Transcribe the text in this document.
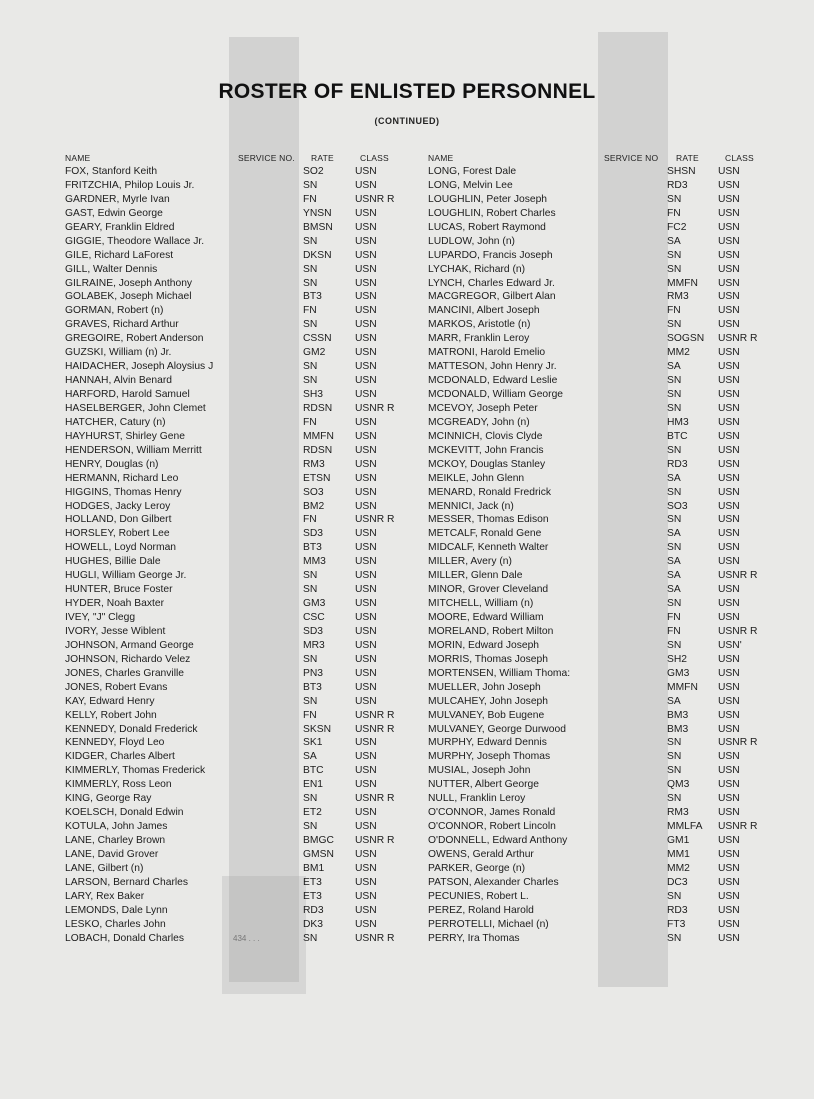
ROSTER OF ENLISTED PERSONNEL
(CONTINUED)
NAME	SERVICE NO. RATE	CLASS	NAME	SERVICE NO RATE	CLASS
FOX, Stanford Keith	SO2	USN
FRITZCHIA, Philop Louis Jr.	SN	USN
GARDNER, Myrle Ivan	FN	USNR R
GAST, Edwin George	YNSN	USN
GEARY, Franklin Eldred	BMSN	USN
GIGGIE, Theodore Wallace Jr.	SN	USN
GILE, Richard LaForest	DKSN	USN
GILL, Walter Dennis	SN	USN
GILRAINE, Joseph Anthony	SN	USN
GOLABEK, Joseph Michael	BT3	USN
GORMAN, Robert (n)	FN	USN
GRAVES, Richard Arthur	SN	USN
GREGOIRE, Robert Anderson	CSSN	USN
GUZSKI, William (n) Jr.	GM2	USN
HAIDACHER, Joseph Aloysius J	SN	USN
HANNAH, Alvin Benard	SN	USN
HARFORD, Harold Samuel	SH3	USN
HASELBERGER, John Clemet	RDSN	USNR R
HATCHER, Catury (n)	FN	USN
HAYHURST, Shirley Gene	MMFN	USN
HENDERSON, William Merritt	RDSN	USN
HENRY, Douglas (n)	RM3	USN
HERMANN, Richard Leo	ETSN	USN
HIGGINS, Thomas Henry	SO3	USN
HODGES, Jacky Leroy	BM2	USN
HOLLAND, Don Gilbert	FN	USNR R
HORSLEY, Robert Lee	SD3	USN
HOWELL, Loyd Norman	BT3	USN
HUGHES, Billie Dale	MM3	USN
HUGLI, William George Jr.	SN	USN
HUNTER, Bruce Foster	SN	USN
HYDER, Noah Baxter	GM3	USN
IVEY, "J" Clegg	CSC	USN
IVORY, Jesse Wiblent	SD3	USN
JOHNSON, Armand George	MR3	USN
JOHNSON, Richardo Velez	SN	USN
JONES, Charles Granville	PN3	USN
JONES, Robert Evans	BT3	USN
KAY, Edward Henry	SN	USN
KELLY, Robert John	FN	USNR R
KENNEDY, Donald Frederick	SKSN	USNR R
KENNEDY, Floyd Leo	SK1	USN
KIDGER, Charles Albert	SA	USN
KIMMERLY, Thomas Frederick	BTC	USN
KIMMERLY, Ross Leon	EN1	USN
KING, George Ray	SN	USNR R
KOELSCH, Donald Edwin	ET2	USN
KOTULA, John James	SN	USN
LANE, Charley Brown	BMGC	USNR R
LANE, David Grover	GMSN	USN
LANE, Gilbert (n)	BM1	USN
LARSON, Bernard Charles	ET3	USN
LARY, Rex Baker	ET3	USN
LEMONDS, Dale Lynn	RD3	USN
LESKO, Charles John	DK3	USN
LOBACH, Donald Charles	434 . . .	SN	USNR R
LONG, Forest Dale	SHSN	USN
LONG, Melvin Lee	RD3	USN
LOUGHLIN, Peter Joseph	SN	USN
LOUGHLIN, Robert Charles	FN	USN
LUCAS, Robert Raymond	FC2	USN
LUDLOW, John (n)	SA	USN
LUPARDO, Francis Joseph	SN	USN
LYCHAK, Richard (n)	SN	USN
LYNCH, Charles Edward Jr.	MMFN	USN
MACGREGOR, Gilbert Alan	RM3	USN
MANCINI, Albert Joseph	FN	USN
MARKOS, Aristotle (n)	SN	USN
MARR, Franklin Leroy	SOGSN	USNR R
MATRONI, Harold Emelio	MM2	USN
MATTESON, John Henry Jr.	SA	USN
MCDONALD, Edward Leslie	SN	USN
MCDONALD, William George	SN	USN
MCEVOY, Joseph Peter	SN	USN
MCGREADY, John (n)	HM3	USN
MCINNICH, Clovis Clyde	BTC	USN
MCKEVITT, John Francis	SN	USN
MCKOY, Douglas Stanley	RD3	USN
MEIKLE, John Glenn	SA	USN
MENARD, Ronald Fredrick	SN	USN
MENNICI, Jack (n)	SO3	USN
MESSER, Thomas Edison	SN	USN
METCALF, Ronald Gene	SA	USN
MIDCALF, Kenneth Walter	SN	USN
MILLER, Avery (n)	SA	USN
MILLER, Glenn Dale	SA	USNR R
MINOR, Grover Cleveland	SA	USN
MITCHELL, William (n)	SN	USN
MOORE, Edward William	FN	USN
MORELAND, Robert Milton	FN	USNR R
MORIN, Edward Joseph	SN	USN'
MORRIS, Thomas Joseph	SH2	USN
MORTENSEN, William Thoma:	GM3	USN
MUELLER, John Joseph	MMFN	USN
MULCAHEY, John Joseph	SA	USN
MULVANEY, Bob Eugene	BM3	USN
MULVANEY, George Durwood	BM3	USN
MURPHY, Edward Dennis	SN	USNR R
MURPHY, Joseph Thomas	SN	USN
MUSIAL, Joseph John	SN	USN
NUTTER, Albert George	QM3	USN
NULL, Franklin Leroy	SN	USN
O'CONNOR, James Ronald	RM3	USN
O'CONNOR, Robert Lincoln	MMLFA	USNR R
O'DONNELL, Edward Anthony	GM1	USN
OWENS, Gerald Arthur	MM1	USN
PARKER, George (n)	MM2	USN
PATSON, Alexander Charles	DC3	USN
PECUNIES, Robert L.	SN	USN
PEREZ, Roland Harold	RD3	USN
PERROTELLI, Michael (n)	FT3	USN
PERRY, Ira Thomas	SN	USN
